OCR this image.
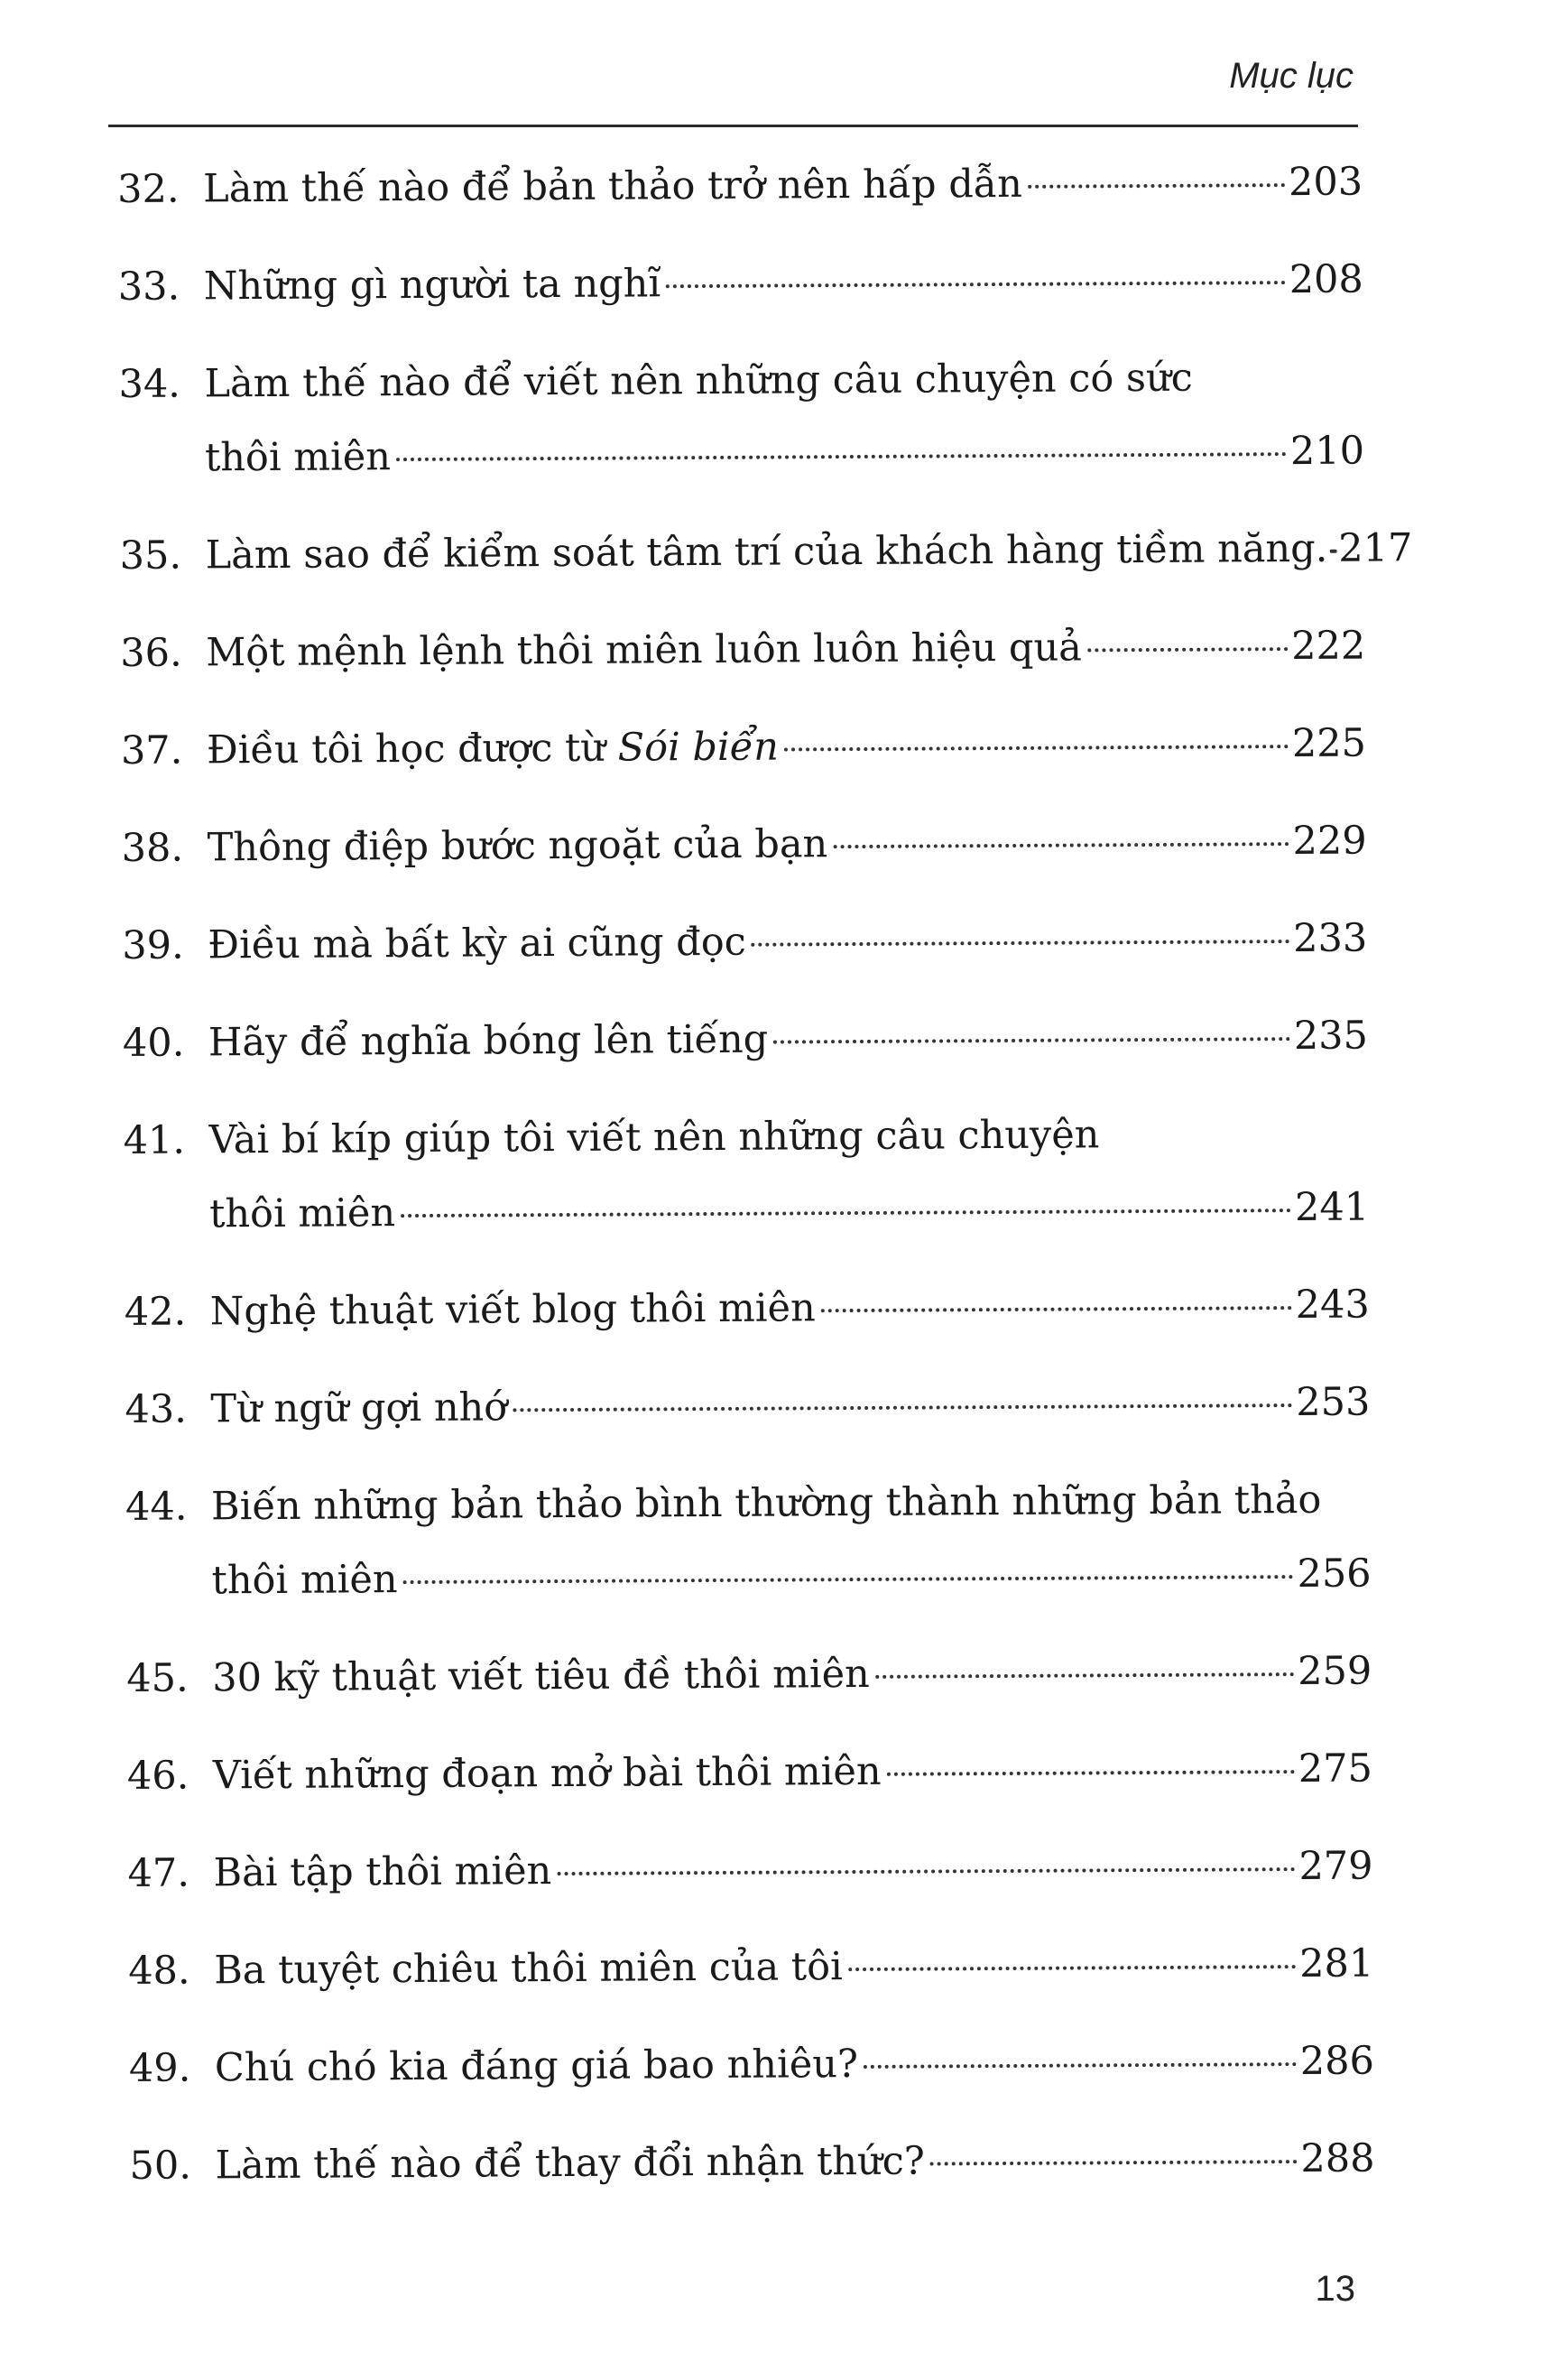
Mục lục
32. Làm thế nào để bản thảo trở nên hấp dẫn	203
33. Những gì người ta nghĩ	208
34. Làm thế nào để viết nên những câu chuyện có sức
thôi miên	210
35. Làm sao để kiểm soát tâm trí của khách hàng tiềm năng. 217
36. Một mệnh lệnh thôi miên luôn luôn hiệu quả	222
37. Điều tôi học được từ Sói biển	225
38. Thông điệp bước ngoặt của bạn	229
39. Điều mà bất kỳ ai cũng đọc	233
40. Hãy để nghĩa bóng lên tiếng	235
41. Vài bí kíp giúp tôi viết nên những câu chuyện
thôi miên	241
42. Nghệ thuật viết blog thôi miên	243
43. Từ ngữ gợi nhớ	253
44. Biến những bản thảo bình thường thành những bản thảo
thôi miên	256
45. 30 kỹ thuật viết tiêu đề thôi miên	259
46. Viết những đoạn mở bài thôi miên	275
47. Bài tập thôi miên	279
48. Ba tuyệt chiêu thôi miên của tôi	281
49. Chú chó kia đáng giá bao nhiêu?	286
50. Làm thế nào để thay đổi nhận thức?	288
13
